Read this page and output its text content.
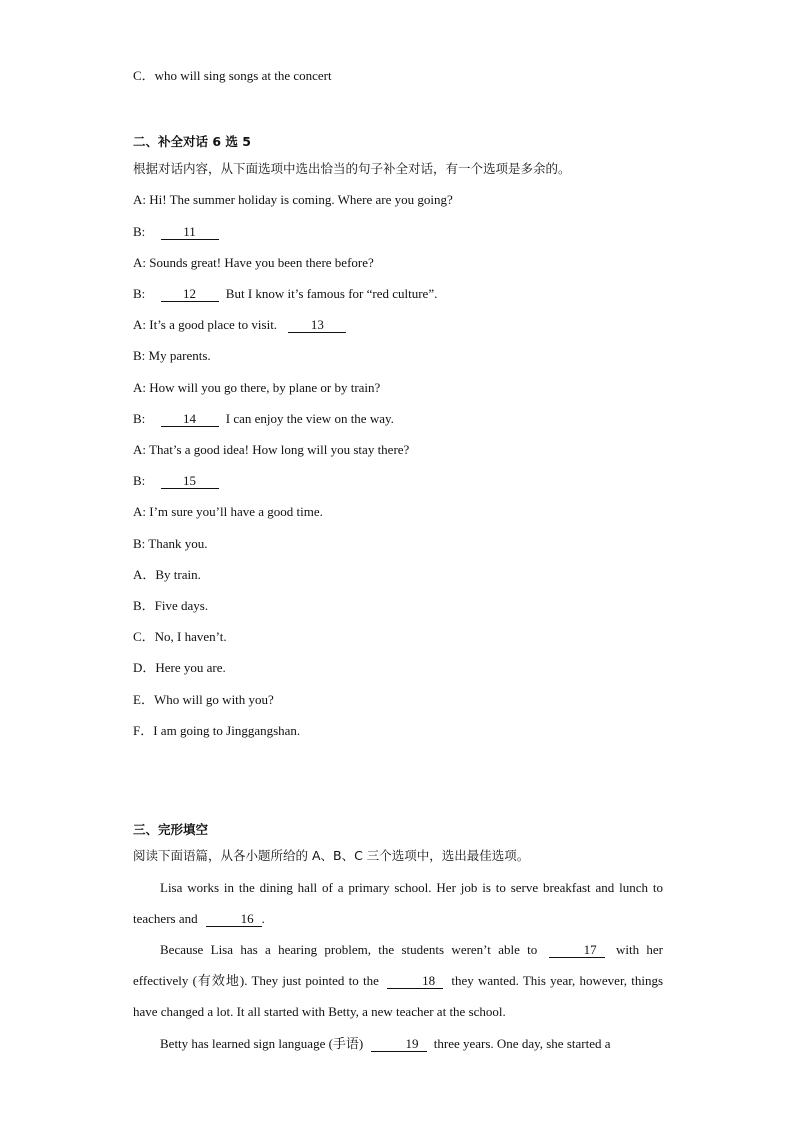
C．who will sing songs at the concert
二、补全对话 6 选 5
根据对话内容，从下面选项中选出恰当的句子补全对话，有一个选项是多余的。
A: Hi! The summer holiday is coming. Where are you going?
B:	11
A: Sounds great! Have you been there before?
B:	12 But I know it’s famous for “red culture”.
A: It’s a good place to visit.	13
B: My parents.
A: How will you go there, by plane or by train?
B:	14 I can enjoy the view on the way.
A: That’s a good idea! How long will you stay there?
B:	15
A: I’m sure you’ll have a good time.
B: Thank you.
A．By train.
B．Five days.
C．No, I haven’t.
D．Here you are.
E．Who will go with you?
F．I am going to Jinggangshan.
三、完形填空
阅读下面语篇，从各小题所给的 A、B、C 三个选项中，选出最佳选项。
Lisa works in the dining hall of a primary school. Her job is to serve breakfast and lunch to teachers and	16 .
Because Lisa has a hearing problem, the students weren’t able to	17 with her effectively (有效地). They just pointed to the	18 they wanted. This year, however, things have changed a lot. It all started with Betty, a new teacher at the school.
Betty has learned sign language (手语)	19 three years. One day, she started a
